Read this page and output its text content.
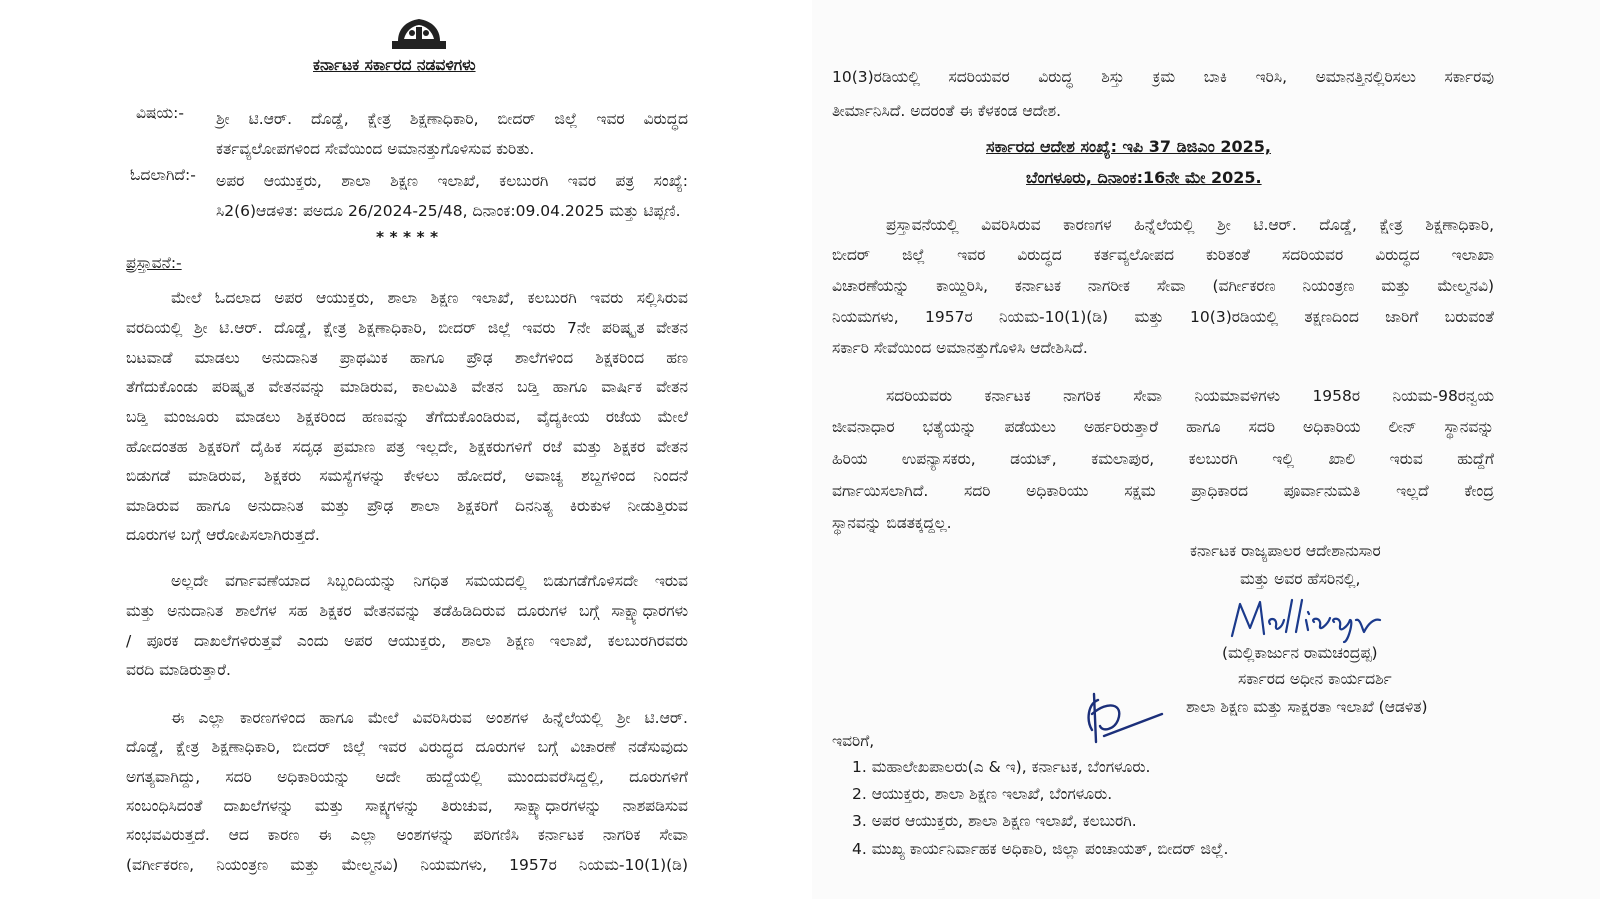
ಕರ್ನಾಟಕ ಸರ್ಕಾರದ ನಡವಳಿಗಳು
ವಿಷಯ:- ಶ್ರೀ ಟಿ.ಆರ್. ದೊಡ್ಡೆ, ಕ್ಷೇತ್ರ ಶಿಕ್ಷಣಾಧಿಕಾರಿ, ಬೀದರ್ ಜಿಲ್ಲೆ ಇವರ ವಿರುದ್ಧದ
ಕರ್ತವ್ಯಲೋಪಗಳಿಂದ ಸೇವೆಯಿಂದ ಅಮಾನತ್ತುಗೊಳಿಸುವ ಕುರಿತು.
ಓದಲಾಗಿದೆ:- ಅಪರ ಆಯುಕ್ತರು, ಶಾಲಾ ಶಿಕ್ಷಣ ಇಲಾಖೆ, ಕಲಬುರಗಿ ಇವರ ಪತ್ರ ಸಂಖ್ಯೆ:
ಸಿ2(6)ಆಡಳಿತ: ಪಅದೂ 26/2024-25/48, ದಿನಾಂಕ:09.04.2025 ಮತ್ತು ಟಿಪ್ಪಣಿ.
* * * * *
ಪ್ರಸ್ತಾವನೆ:-
ಮೇಲೆ ಓದಲಾದ ಅಪರ ಆಯುಕ್ತರು, ಶಾಲಾ ಶಿಕ್ಷಣ ಇಲಾಖೆ, ಕಲಬುರಗಿ ಇವರು ಸಲ್ಲಿಸಿರುವ
ವರದಿಯಲ್ಲಿ ಶ್ರೀ ಟಿ.ಆರ್. ದೊಡ್ಡೆ, ಕ್ಷೇತ್ರ ಶಿಕ್ಷಣಾಧಿಕಾರಿ, ಬೀದರ್ ಜಿಲ್ಲೆ ಇವರು 7ನೇ ಪರಿಷ್ಕೃತ ವೇತನ
ಬಟವಾಡೆ ಮಾಡಲು ಅನುದಾನಿತ ಪ್ರಾಥಮಿಕ ಹಾಗೂ ಪ್ರೌಢ ಶಾಲೆಗಳಿಂದ ಶಿಕ್ಷಕರಿಂದ ಹಣ
ತೆಗೆದುಕೊಂಡು ಪರಿಷ್ಕೃತ ವೇತನವನ್ನು ಮಾಡಿರುವ, ಕಾಲಮಿತಿ ವೇತನ ಬಡ್ತಿ ಹಾಗೂ ವಾರ್ಷಿಕ ವೇತನ
ಬಡ್ತಿ ಮಂಜೂರು ಮಾಡಲು ಶಿಕ್ಷಕರಿಂದ ಹಣವನ್ನು ತೆಗೆದುಕೊಂಡಿರುವ, ವೈದ್ಯಕೀಯ ರಜೆಯ ಮೇಲೆ
ಹೋದಂತಹ ಶಿಕ್ಷಕರಿಗೆ ದೈಹಿಕ ಸದೃಢ ಪ್ರಮಾಣ ಪತ್ರ ಇಲ್ಲದೇ, ಶಿಕ್ಷಕರುಗಳಿಗೆ ರಜೆ ಮತ್ತು ಶಿಕ್ಷಕರ ವೇತನ
ಬಿಡುಗಡೆ ಮಾಡಿರುವ, ಶಿಕ್ಷಕರು ಸಮಸ್ಯೆಗಳನ್ನು ಕೇಳಲು ಹೋದರೆ, ಅವಾಚ್ಯ ಶಬ್ದಗಳಿಂದ ನಿಂದನೆ
ಮಾಡಿರುವ ಹಾಗೂ ಅನುದಾನಿತ ಮತ್ತು ಪ್ರೌಢ ಶಾಲಾ ಶಿಕ್ಷಕರಿಗೆ ದಿನನಿತ್ಯ ಕಿರುಕುಳ ನೀಡುತ್ತಿರುವ
ದೂರುಗಳ ಬಗ್ಗೆ ಆರೋಪಿಸಲಾಗಿರುತ್ತದೆ.
ಅಲ್ಲದೇ ವರ್ಗಾವಣೆಯಾದ ಸಿಬ್ಬಂದಿಯನ್ನು ನಿಗಧಿತ ಸಮಯದಲ್ಲಿ ಬಿಡುಗಡೆಗೊಳಿಸದೇ ಇರುವ
ಮತ್ತು ಅನುದಾನಿತ ಶಾಲೆಗಳ ಸಹ ಶಿಕ್ಷಕರ ವೇತನವನ್ನು ತಡೆಹಿಡಿದಿರುವ ದೂರುಗಳ ಬಗ್ಗೆ ಸಾಕ್ಷ್ಯಾಧಾರಗಳು
/ ಪೂರಕ ದಾಖಲೆಗಳಿರುತ್ತವೆ ಎಂದು ಅಪರ ಆಯುಕ್ತರು, ಶಾಲಾ ಶಿಕ್ಷಣ ಇಲಾಖೆ, ಕಲಬುರಗಿರವರು
ವರದಿ ಮಾಡಿರುತ್ತಾರೆ.
ಈ ಎಲ್ಲಾ ಕಾರಣಗಳಿಂದ ಹಾಗೂ ಮೇಲೆ ವಿವರಿಸಿರುವ ಅಂಶಗಳ ಹಿನ್ನೆಲೆಯಲ್ಲಿ ಶ್ರೀ ಟಿ.ಆರ್.
ದೊಡ್ಡೆ, ಕ್ಷೇತ್ರ ಶಿಕ್ಷಣಾಧಿಕಾರಿ, ಬೀದರ್ ಜಿಲ್ಲೆ ಇವರ ವಿರುದ್ಧದ ದೂರುಗಳ ಬಗ್ಗೆ ವಿಚಾರಣೆ ನಡೆಸುವುದು
ಅಗತ್ಯವಾಗಿದ್ದು, ಸದರಿ ಅಧಿಕಾರಿಯನ್ನು ಅದೇ ಹುದ್ದೆಯಲ್ಲಿ ಮುಂದುವರೆಸಿದ್ದಲ್ಲಿ, ದೂರುಗಳಿಗೆ
ಸಂಬಂಧಿಸಿದಂತೆ ದಾಖಲೆಗಳನ್ನು ಮತ್ತು ಸಾಕ್ಷ್ಯಗಳನ್ನು ತಿರುಚುವ, ಸಾಕ್ಷ್ಯಾಧಾರಗಳನ್ನು ನಾಶಪಡಿಸುವ
ಸಂಭವವಿರುತ್ತದೆ. ಆದ ಕಾರಣ ಈ ಎಲ್ಲಾ ಅಂಶಗಳನ್ನು ಪರಿಗಣಿಸಿ ಕರ್ನಾಟಕ ನಾಗರಿಕ ಸೇವಾ
(ವರ್ಗೀಕರಣ, ನಿಯಂತ್ರಣ ಮತ್ತು ಮೇಲ್ಮನವಿ) ನಿಯಮಗಳು, 1957ರ ನಿಯಮ-10(1)(ಡಿ)
10(3)ರಡಿಯಲ್ಲಿ ಸದರಿಯವರ ವಿರುದ್ಧ ಶಿಸ್ತು ಕ್ರಮ ಬಾಕಿ ಇರಿಸಿ, ಅಮಾನತ್ತಿನಲ್ಲಿರಿಸಲು ಸರ್ಕಾರವು
ತೀರ್ಮಾನಿಸಿದೆ. ಅದರಂತೆ ಈ ಕೆಳಕಂಡ ಆದೇಶ.
ಸರ್ಕಾರದ ಆದೇಶ ಸಂಖ್ಯೆ: ಇಪಿ 37 ಡಿಜಿಎಂ 2025,
ಬೆಂಗಳೂರು, ದಿನಾಂಕ:16ನೇ ಮೇ 2025.
ಪ್ರಸ್ತಾವನೆಯಲ್ಲಿ ವಿವರಿಸಿರುವ ಕಾರಣಗಳ ಹಿನ್ನೆಲೆಯಲ್ಲಿ ಶ್ರೀ ಟಿ.ಆರ್. ದೊಡ್ಡೆ, ಕ್ಷೇತ್ರ ಶಿಕ್ಷಣಾಧಿಕಾರಿ,
ಬೀದರ್ ಜಿಲ್ಲೆ ಇವರ ವಿರುದ್ಧದ ಕರ್ತವ್ಯಲೋಪದ ಕುರಿತಂತೆ ಸದರಿಯವರ ವಿರುದ್ಧದ ಇಲಾಖಾ
ವಿಚಾರಣೆಯನ್ನು ಕಾಯ್ದಿರಿಸಿ, ಕರ್ನಾಟಕ ನಾಗರೀಕ ಸೇವಾ (ವರ್ಗೀಕರಣ ನಿಯಂತ್ರಣ ಮತ್ತು ಮೇಲ್ಮನವಿ)
ನಿಯಮಗಳು, 1957ರ ನಿಯಮ-10(1)(ಡಿ) ಮತ್ತು 10(3)ರಡಿಯಲ್ಲಿ ತಕ್ಷಣದಿಂದ ಜಾರಿಗೆ ಬರುವಂತೆ
ಸರ್ಕಾರಿ ಸೇವೆಯಿಂದ ಅಮಾನತ್ತುಗೊಳಿಸಿ ಆದೇಶಿಸಿದೆ.
ಸದರಿಯವರು ಕರ್ನಾಟಕ ನಾಗರಿಕ ಸೇವಾ ನಿಯಮಾವಳಿಗಳು 1958ರ ನಿಯಮ-98ರನ್ವಯ
ಜೀವನಾಧಾರ ಭತ್ಯೆಯನ್ನು ಪಡೆಯಲು ಅರ್ಹರಿರುತ್ತಾರೆ ಹಾಗೂ ಸದರಿ ಅಧಿಕಾರಿಯ ಲೀನ್ ಸ್ಥಾನವನ್ನು
ಹಿರಿಯ ಉಪನ್ಯಾಸಕರು, ಡಯಟ್, ಕಮಲಾಪುರ, ಕಲಬುರಗಿ ಇಲ್ಲಿ ಖಾಲಿ ಇರುವ ಹುದ್ದೆಗೆ
ವರ್ಗಾಯಿಸಲಾಗಿದೆ. ಸದರಿ ಅಧಿಕಾರಿಯು ಸಕ್ಷಮ ಪ್ರಾಧಿಕಾರದ ಪೂರ್ವಾನುಮತಿ ಇಲ್ಲದೆ ಕೇಂದ್ರ
ಸ್ಥಾನವನ್ನು ಬಿಡತಕ್ಕದ್ದಲ್ಲ.
ಕರ್ನಾಟಕ ರಾಜ್ಯಪಾಲರ ಆದೇಶಾನುಸಾರ
ಮತ್ತು ಅವರ ಹೆಸರಿನಲ್ಲಿ,
(ಮಲ್ಲಿಕಾರ್ಜುನ ರಾಮಚಂದ್ರಪ್ಪ)
ಸರ್ಕಾರದ ಅಧೀನ ಕಾರ್ಯದರ್ಶಿ
ಶಾಲಾ ಶಿಕ್ಷಣ ಮತ್ತು ಸಾಕ್ಷರತಾ ಇಲಾಖೆ (ಆಡಳಿತ)
ಇವರಿಗೆ,
1. ಮಹಾಲೇಖಪಾಲರು(ಎ & ಇ), ಕರ್ನಾಟಕ, ಬೆಂಗಳೂರು.
2. ಆಯುಕ್ತರು, ಶಾಲಾ ಶಿಕ್ಷಣ ಇಲಾಖೆ, ಬೆಂಗಳೂರು.
3. ಅಪರ ಆಯುಕ್ತರು, ಶಾಲಾ ಶಿಕ್ಷಣ ಇಲಾಖೆ, ಕಲಬುರಗಿ.
4. ಮುಖ್ಯ ಕಾರ್ಯನಿರ್ವಾಹಕ ಅಧಿಕಾರಿ, ಜಿಲ್ಲಾ ಪಂಚಾಯತ್, ಬೀದರ್ ಜಿಲ್ಲೆ.
